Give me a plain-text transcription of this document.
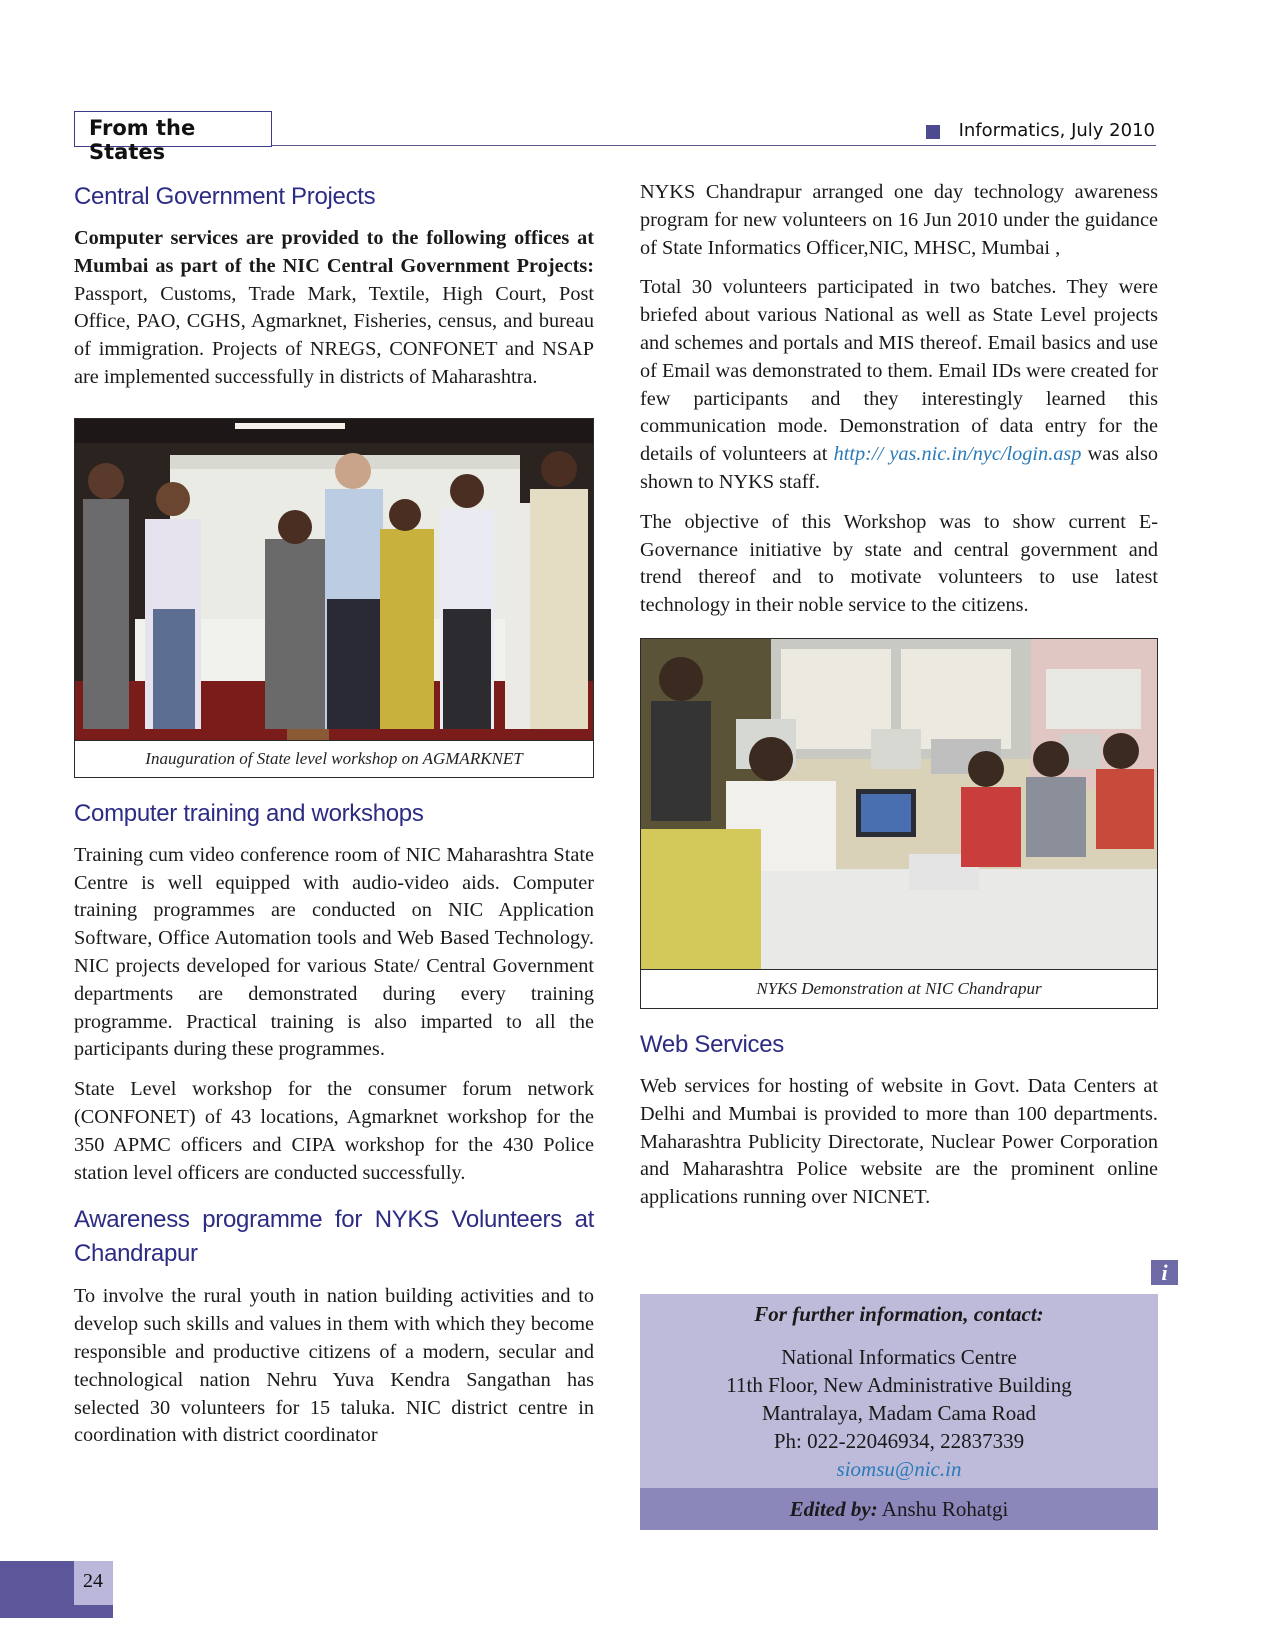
From the States
Informatics, July 2010
Central Government Projects

Computer services are provided to the following offices at Mumbai as part of the NIC Central Government Projects: Passport, Customs, Trade Mark, Textile, High Court, Post Office, PAO, CGHS, Agmarknet, Fisheries, census, and bureau of immigration. Projects of NREGS, CONFONET and NSAP are implemented successfully in districts of Maharashtra.

Inauguration of State level workshop on AGMARKNET
Computer training and workshops

Training cum video conference room of NIC Maharashtra State Centre is well equipped with audio-video aids. Computer training programmes are conducted on NIC Application Software, Office Automation tools and Web Based Technology. NIC projects developed for various State/ Central Government departments are demonstrated during every training programme. Practical training is also imparted to all the participants during these programmes.

State Level workshop for the consumer forum network (CONFONET) of 43 locations, Agmarknet workshop for the 350 APMC officers and CIPA workshop for the 430 Police station level officers are conducted successfully.

Awareness programme for NYKS Volunteers at Chandrapur

To involve the rural youth in nation building activities and to develop such skills and values in them with which they become responsible and productive citizens of a modern, secular and technological nation Nehru Yuva Kendra Sangathan has selected 30 volunteers for 15 taluka. NIC district centre in coordination with district coordinator

NYKS Chandrapur arranged one day technology awareness program for new volunteers on 16 Jun 2010 under the guidance of State Informatics Officer,NIC, MHSC, Mumbai ,

Total 30 volunteers participated in two batches. They were briefed about various National as well as State Level projects and schemes and portals and MIS thereof. Email basics and use of Email was demonstrated to them. Email IDs were created for few participants and they interestingly learned this communication mode. Demonstration of data entry for the details of volunteers at http:// yas.nic.in/nyc/login.asp was also shown to NYKS staff.

The objective of this Workshop was to show current E-Governance initiative by state and central government and trend thereof and to motivate volunteers to use latest technology in their noble service to the citizens.

NYKS Demonstration at NIC Chandrapur
Web Services

Web services for hosting of website in Govt. Data Centers at Delhi and Mumbai is provided to more than 100 departments. Maharashtra Publicity Directorate, Nuclear Power Corporation and Maharashtra Police website are the prominent online applications running over NICNET.

i
For further information, contact:
National Informatics Centre
11th Floor, New Administrative Building
Mantralaya, Madam Cama Road
Ph: 022-22046934, 22837339
siomsu@nic.in
Edited by: Anshu Rohatgi
24
